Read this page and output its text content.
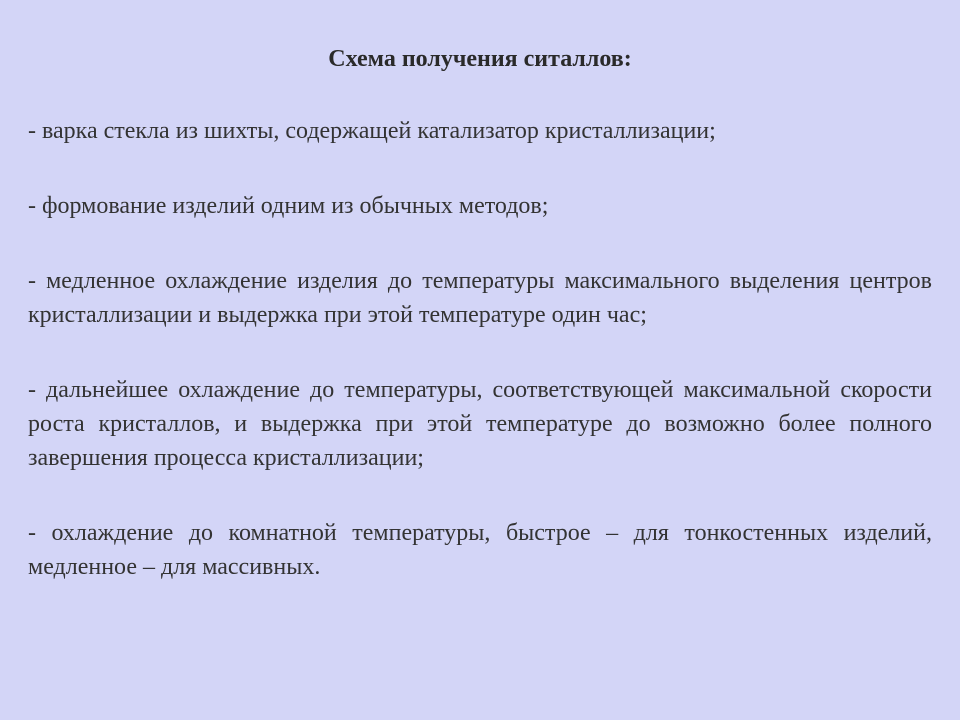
Схема получения ситаллов:
- варка стекла из шихты, содержащей катализатор кристаллизации;
- формование изделий одним из обычных методов;
- медленное охлаждение изделия до температуры максимального выделения центров кристаллизации и выдержка при этой температуре один час;
- дальнейшее охлаждение до температуры, соответствующей максимальной скорости роста кристаллов, и выдержка при этой температуре до возможно более полного завершения процесса кристаллизации;
- охлаждение до комнатной температуры, быстрое – для тонкостенных изделий, медленное – для массивных.
